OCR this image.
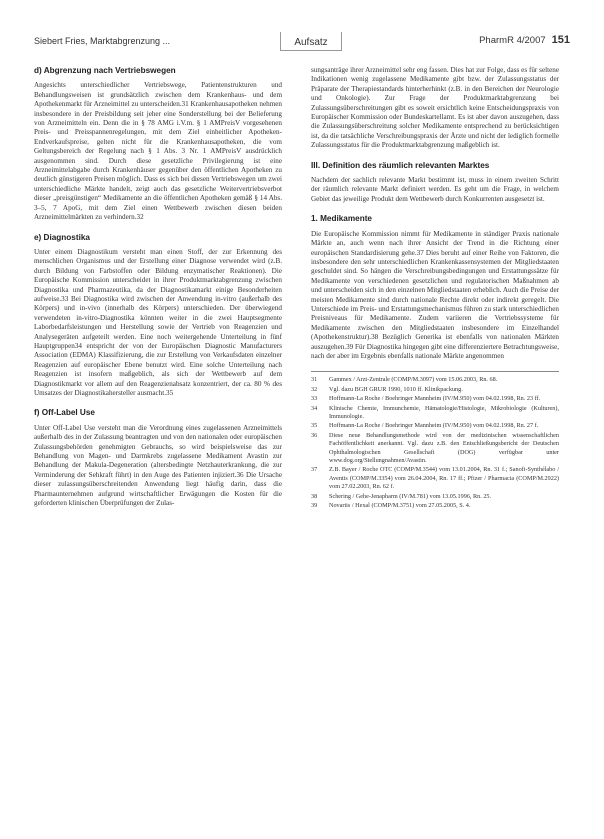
Siebert Fries, Marktabgrenzung ...	Aufsatz	PharmR 4/2007 151
d) Abgrenzung nach Vertriebswegen

Angesichts unterschiedlicher Vertriebswege, Patientenstrukturen und Behandlungsweisen ist grundsätzlich zwischen dem Krankenhaus- und dem Apothekenmarkt für Arzneimittel zu unterscheiden.31 Krankenhausapotheken nehmen insbesondere in der Preisbildung seit jeher eine Sonderstellung bei der Belieferung von Arzneimitteln ein. Denn die in § 78 AMG i.V.m. § 1 AMPreisV vorgesehenen Preis- und Preisspannenregelungen, mit dem Ziel einheitlicher Apotheken-Endverkaufspreise, gelten nicht für die Krankenhausapotheken, die vom Geltungsbereich der Regelung nach § 1 Abs. 3 Nr. 1 AMPreisV ausdrücklich ausgenommen sind. Durch diese gesetzliche Privilegierung ist eine Arzneimittelabgabe durch Krankenhäuser gegenüber den öffentlichen Apotheken zu deutlich günstigeren Preisen möglich. Dass es sich bei diesen Vertriebswegen um zwei unterschiedliche Märkte handelt, zeigt auch das gesetzliche Weitervertriebsverbot dieser „preisgünstigen“ Medikamente an die öffentlichen Apotheken gemäß § 14 Abs. 3–5, 7 ApoG, mit dem Ziel einen Wettbewerb zwischen diesen beiden Arzneimittelmärkten zu verhindern.32

e) Diagnostika

Unter einem Diagnostikum versteht man einen Stoff, der zur Erkennung des menschlichen Organismus und der Erstellung einer Diagnose verwendet wird (z.B. durch Bildung von Farbstoffen oder Bildung enzymatischer Reaktionen). Die Europäische Kommission unterscheidet in ihrer Produktmarktabgrenzung zwischen Diagnostika und Pharmazeutika, da der Diagnostikamarkt einige Besonderheiten aufweise.33 Bei Diagnostika wird zwischen der Anwendung in-vitro (außerhalb des Körpers) und in-vivo (innerhalb des Körpers) unterschieden. Der überwiegend verwendeten in-vitro-Diagnostika könnten weiter in die zwei Hauptsegmente Laborbedarfsleistungen und Herstellung sowie der Vertrieb von Reagenzien und Analysegeräten aufgeteilt werden. Eine noch weitergehende Unterteilung in fünf Hauptgruppen34 entspricht der von der Europäischen Diagnostic Manufacturers Association (EDMA) Klassifizierung, die zur Erstellung von Verkaufsdaten einzelner Reagenzien auf europäischer Ebene benutzt wird. Eine solche Unterteilung nach Reagenzien ist insofern maßgeblich, als sich der Wettbewerb auf dem Diagnostikmarkt vor allem auf den Reagenzienabsatz konzentriert, der ca. 80 % des Umsatzes der Diagnostikahersteller ausmacht.35

f) Off-Label Use

Unter Off-Label Use versteht man die Verordnung eines zugelassenen Arzneimittels außerhalb des in der Zulassung beantragten und von den nationalen oder europäischen Zulassungsbehörden genehmigten Gebrauchs, so wird beispielsweise das zur Behandlung von Magen- und Darmkrebs zugelassene Medikament Avastin zur Behandlung der Makula-Degeneration (altersbedingte Netzhauterkrankung, die zur Verminderung der Sehkraft führt) in den Auge des Patienten injiziert.36 Die Ursache dieser zulassungsüberschreitenden Anwendung liegt häufig darin, dass die Pharmaunternehmen aufgrund wirtschaftlicher Erwägungen die Kosten für die geforderten klinischen Überprüfungen der Zulas-

sungsanträge ihrer Arzneimittel sehr eng fassen. Dies hat zur Folge, dass es für seltene Indikationen wenig zugelassene Medikamente gibt bzw. der Zulassungsstatus der Präparate der Therapiestandards hinterherhinkt (z.B. in den Bereichen der Neurologie und Onkologie). Zur Frage der Produktmarktabgrenzung bei Zulassungsüberschreitungen gibt es soweit ersichtlich keine Entscheidungspraxis von Europäischer Kommission oder Bundeskartellamt. Es ist aber davon auszugehen, dass die Zulassungsüberschreitung solcher Medikamente entsprechend zu berücksichtigen ist, da die tatsächliche Verschreibungspraxis der Ärzte und nicht der lediglich formelle Zulassungsstatus für die Produktmarktabgrenzung maßgeblich ist.

III. Definition des räumlich relevanten Marktes

Nachdem der sachlich relevante Markt bestimmt ist, muss in einem zweiten Schritt der räumlich relevante Markt definiert werden. Es geht um die Frage, in welchem Gebiet das jeweilige Produkt dem Wettbewerb durch Konkurrenten ausgesetzt ist.

1. Medikamente

Die Europäische Kommission nimmt für Medikamente in ständiger Praxis nationale Märkte an, auch wenn nach ihrer Ansicht der Trend in die Richtung einer europäischen Standardisierung gehe.37 Dies beruht auf einer Reihe von Faktoren, die insbesondere den sehr unterschiedlichen Krankenkassensystemen der Mitgliedstaaten geschuldet sind. So hängen die Verschreibungsbedingungen und Erstattungssätze für Medikamente von verschiedenen gesetzlichen und regulatorischen Maßnahmen ab und unterscheiden sich in den einzelnen Mitgliedstaaten erheblich. Auch die Preise der meisten Medikamente sind durch nationale Rechte direkt oder indirekt geregelt. Die Unterschiede im Preis- und Erstattungsmechanismus führen zu stark unterschiedlichen Preisniveaus für Medikamente. Zudem variieren die Vertriebssysteme für Medikamente zwischen den Mitgliedstaaten insbesondere im Einzelhandel (Apothekenstruktur).38 Bezüglich Generika ist ebenfalls von nationalen Märkten auszugehen.39 Für Diagnostika hingegen gibt eine differenziertere Betrachtungsweise, nach der aber im Ergebnis ebenfalls nationale Märkte angenommen

31	Gammex / Arzt-Zentrale (COMP/M.3097) vom 15.06.2003, Rn. 68.
32	Vgl. dazu BGH GRUR 1990, 1010 ff. Klinikpackung.
33	Hoffmann-La Roche / Boehringer Mannheim (IV/M.950) vom 04.02.1998, Rn. 23 ff.
34	Klinische Chemie, Immunchemie, Hämatologie/Histologie, Mikrobiologie (Kulturen), Immunologie.
35	Hoffmann-La Roche / Boehringer Mannheim (IV/M.950) vom 04.02.1998, Rn. 27 f.
36	Diese neue Behandlungsmethode wird von der medizinischen wissenschaftlichen Fachöffentlichkeit anerkannt. Vgl. dazu z.B. den Entschließungsbericht der Deutschen Ophthalmologischen Gesellschaft (DOG) verfügbar unter www.dog.org/Stellungnahmen/Avastin.
37	Z.B. Bayer / Roche OTC (COMP/M.3544) vom 13.01.2004, Rn. 31 f.; Sanofi-Synthélabo / Aventis (COMP/M.3354) vom 26.04.2004, Rn. 17 ff.; Pfizer / Pharmacia (COMP/M.2922) vom 27.02.2003, Rn. 62 f.
38	Schering / Gehe-Jenapharm (IV/M.781) vom 13.05.1996, Rn. 25.
39	Novartis / Hexal (COMP/M.3751) vom 27.05.2005, S. 4.
